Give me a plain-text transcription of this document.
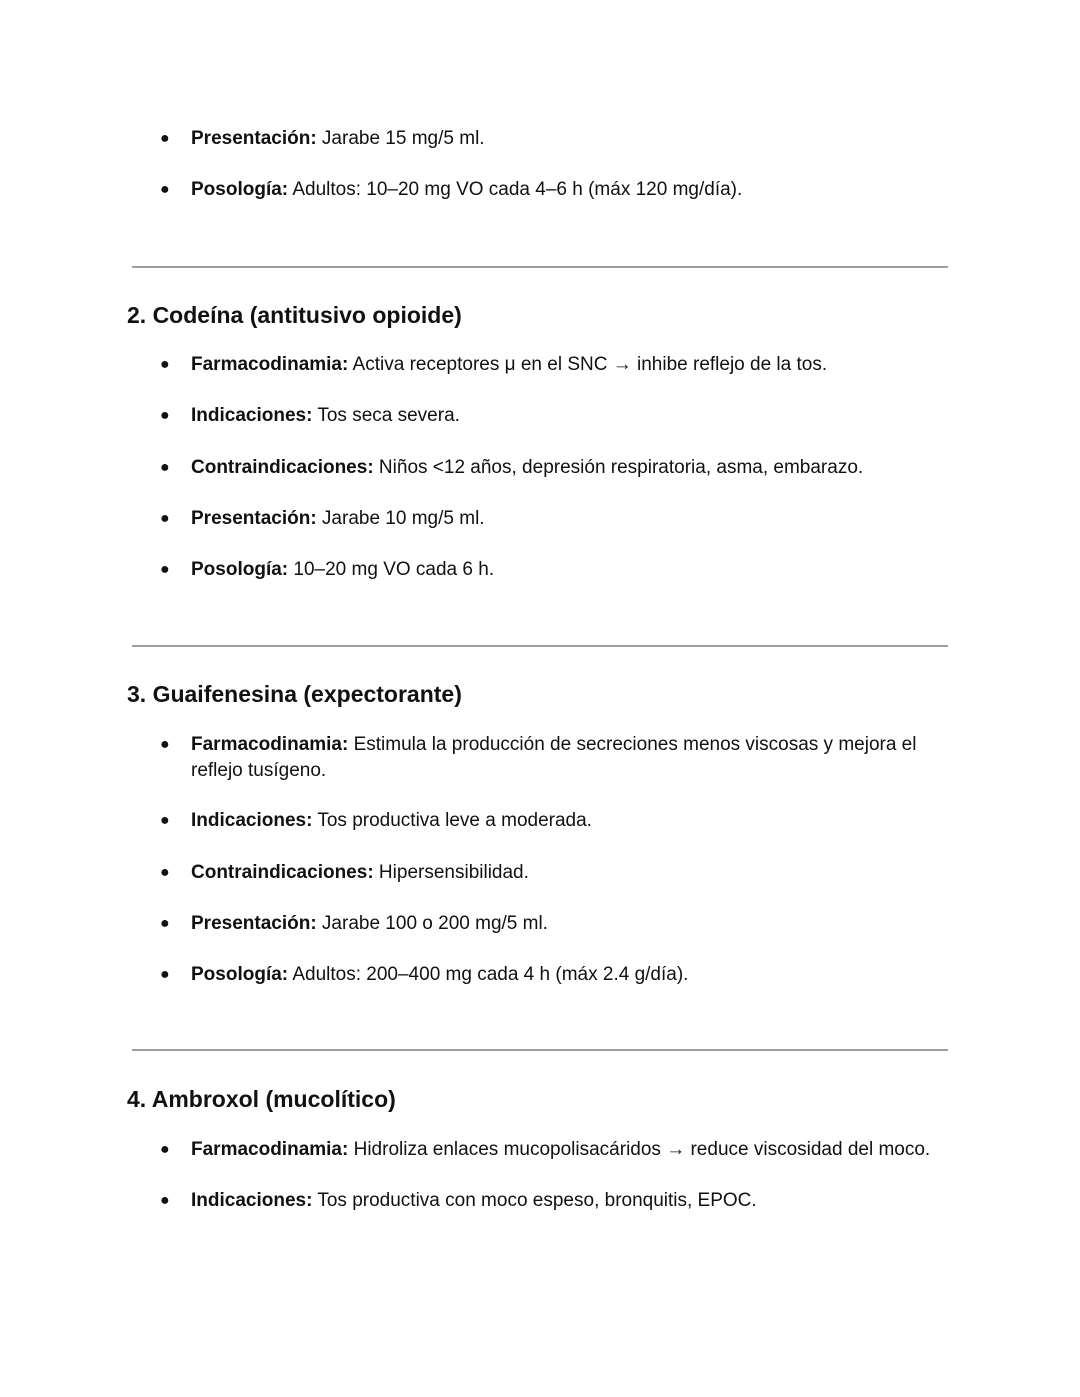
●	Presentación: Jarabe 15 mg/5 ml.
●	Posología: Adultos: 10–20 mg VO cada 4–6 h (máx 120 mg/día).
2. Codeína (antitusivo opioide)
●	Farmacodinamia: Activa receptores μ en el SNC → inhibe reflejo de la tos.
●	Indicaciones: Tos seca severa.
●	Contraindicaciones: Niños <12 años, depresión respiratoria, asma, embarazo.
●	Presentación: Jarabe 10 mg/5 ml.
●	Posología: 10–20 mg VO cada 6 h.
3. Guaifenesina (expectorante)
●	Farmacodinamia: Estimula la producción de secreciones menos viscosas y mejora el reflejo tusígeno.
●	Indicaciones: Tos productiva leve a moderada.
●	Contraindicaciones: Hipersensibilidad.
●	Presentación: Jarabe 100 o 200 mg/5 ml.
●	Posología: Adultos: 200–400 mg cada 4 h (máx 2.4 g/día).
4. Ambroxol (mucolítico)
●	Farmacodinamia: Hidroliza enlaces mucopolisacáridos → reduce viscosidad del moco.
●	Indicaciones: Tos productiva con moco espeso, bronquitis, EPOC.
